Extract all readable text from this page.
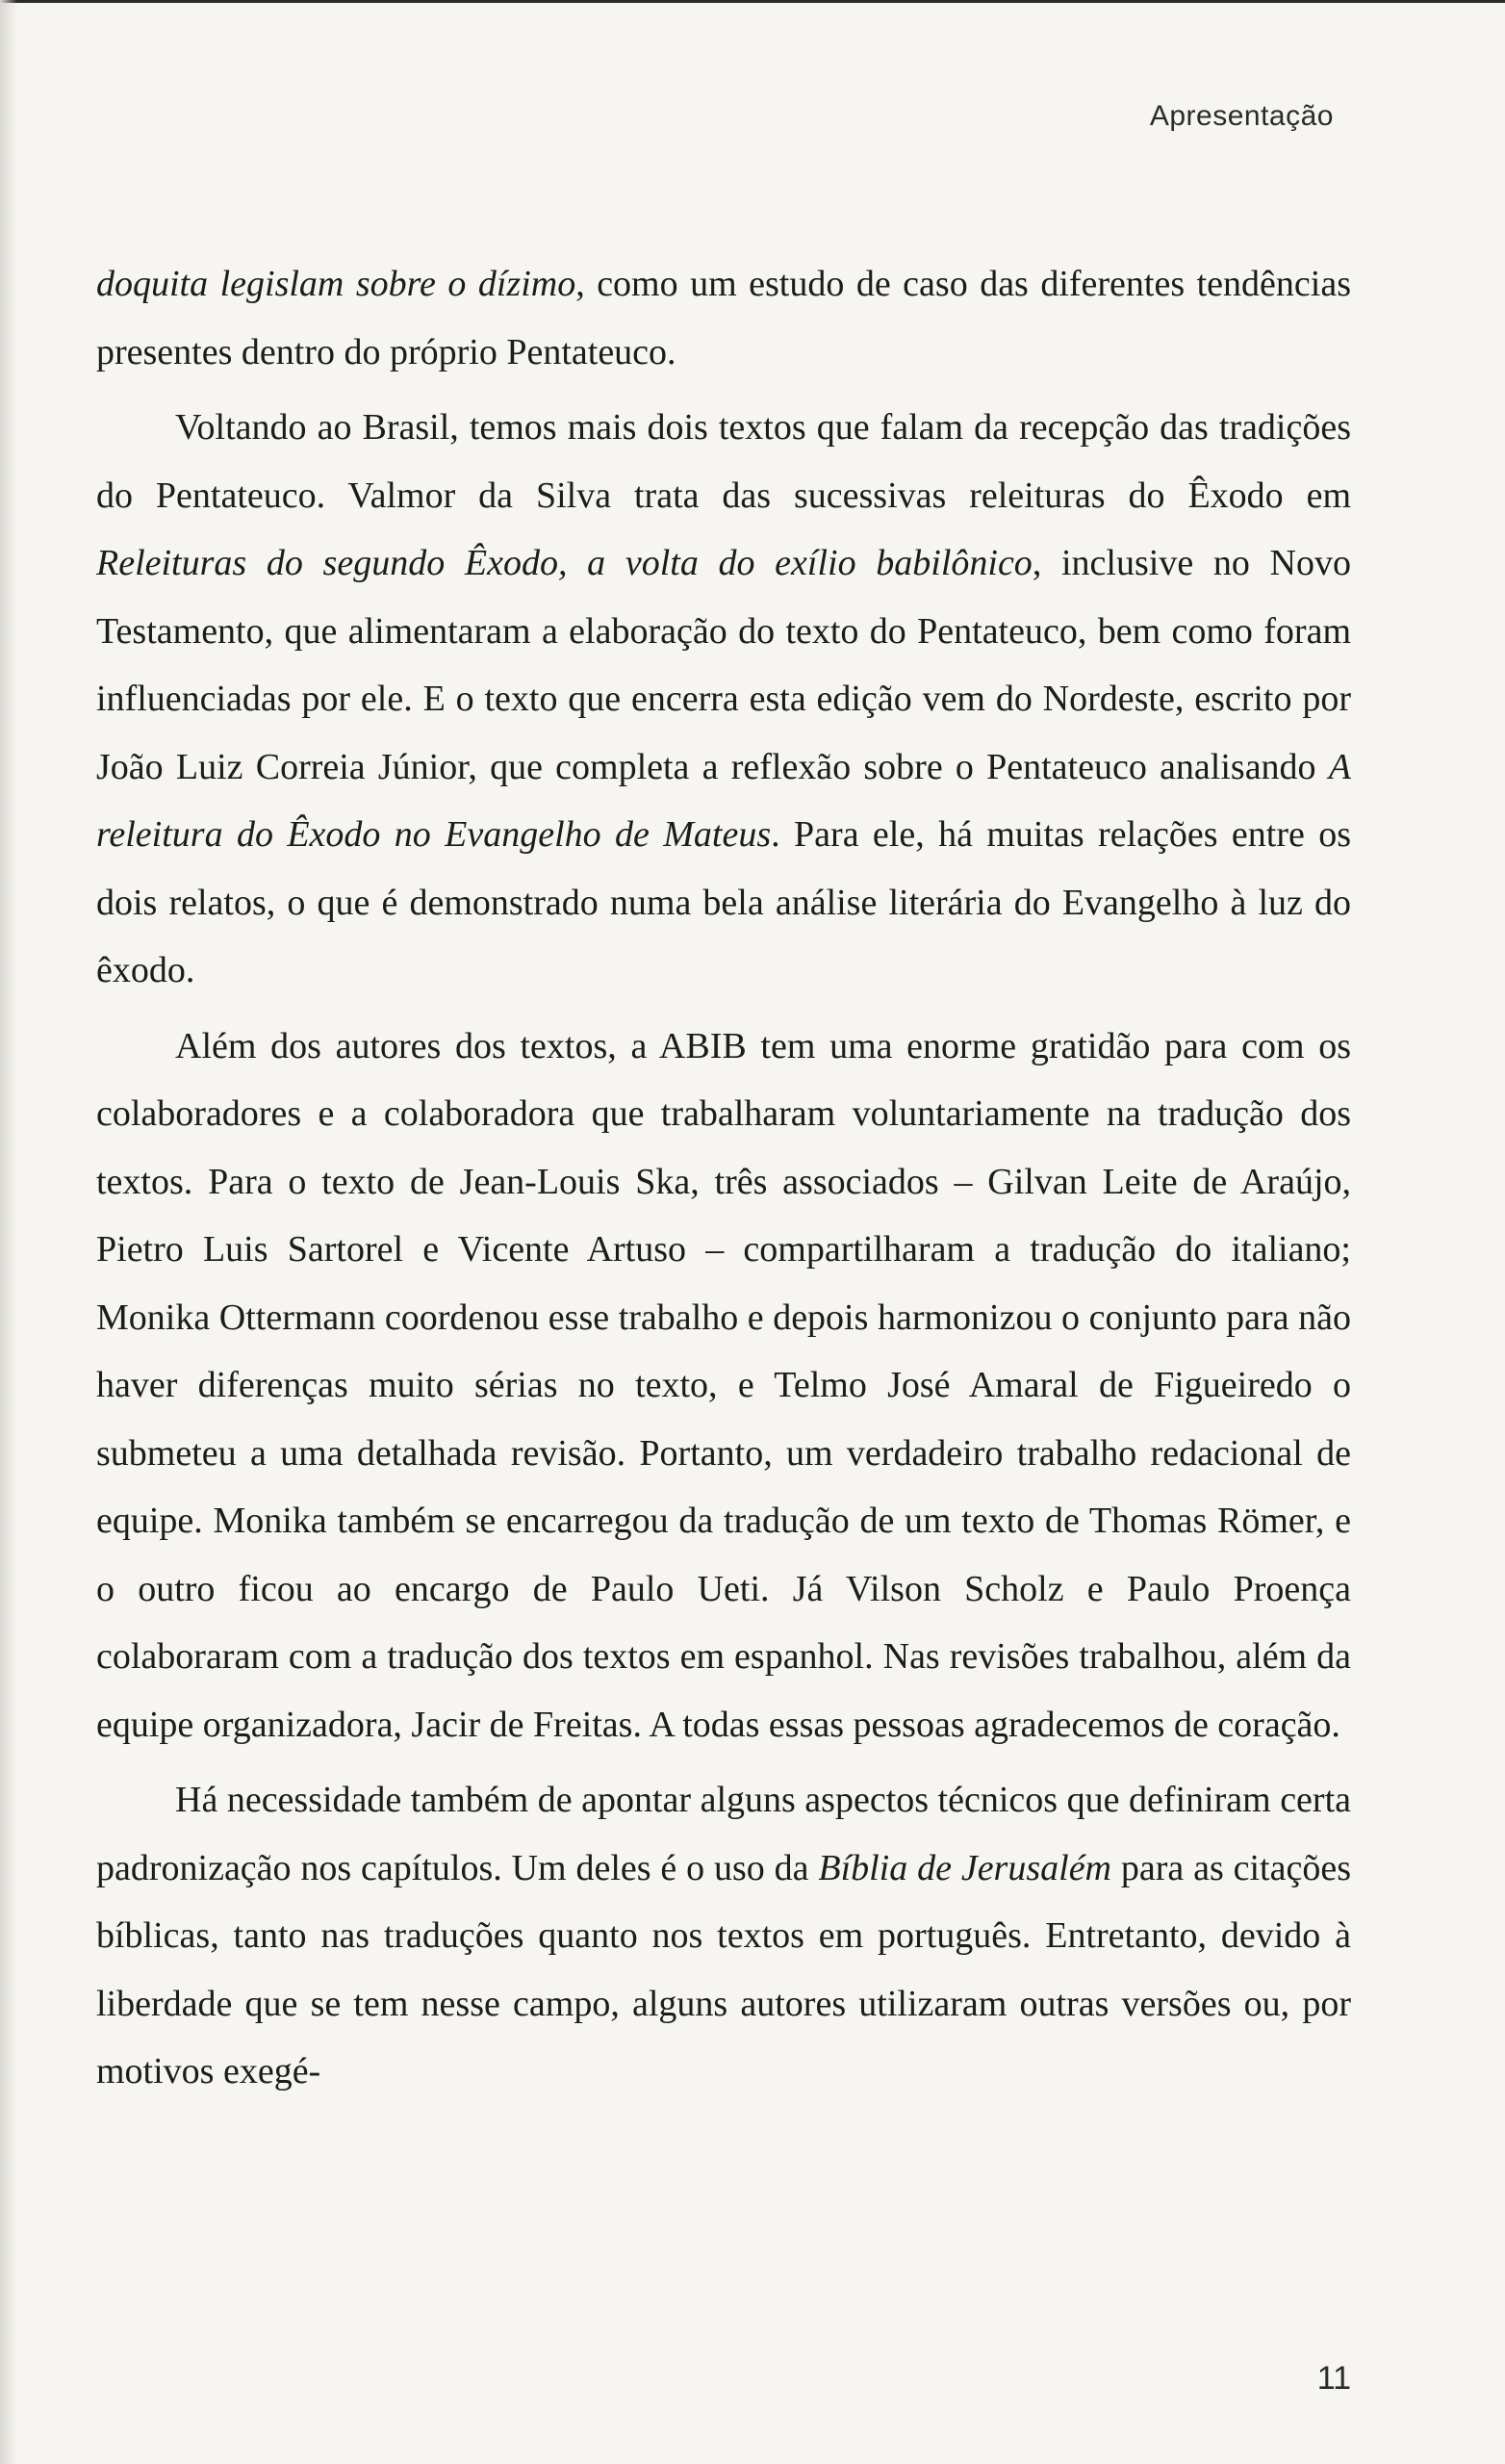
Apresentação

doquita legislam sobre o dízimo, como um estudo de caso das diferentes tendências presentes dentro do próprio Pentateuco.

Voltando ao Brasil, temos mais dois textos que falam da recepção das tradições do Pentateuco. Valmor da Silva trata das sucessivas releituras do Êxodo em Releituras do segundo Êxodo, a volta do exílio babilônico, inclusive no Novo Testamento, que alimentaram a elaboração do texto do Pentateuco, bem como foram influenciadas por ele. E o texto que encerra esta edição vem do Nordeste, escrito por João Luiz Correia Júnior, que completa a reflexão sobre o Pentateuco analisando A releitura do Êxodo no Evangelho de Mateus. Para ele, há muitas relações entre os dois relatos, o que é demonstrado numa bela análise literária do Evangelho à luz do êxodo.

Além dos autores dos textos, a ABIB tem uma enorme gratidão para com os colaboradores e a colaboradora que trabalharam voluntariamente na tradução dos textos. Para o texto de Jean-Louis Ska, três associados – Gilvan Leite de Araújo, Pietro Luis Sartorel e Vicente Artuso – compartilharam a tradução do italiano; Monika Ottermann coordenou esse trabalho e depois harmonizou o conjunto para não haver diferenças muito sérias no texto, e Telmo José Amaral de Figueiredo o submeteu a uma detalhada revisão. Portanto, um verdadeiro trabalho redacional de equipe. Monika também se encarregou da tradução de um texto de Thomas Römer, e o outro ficou ao encargo de Paulo Ueti. Já Vilson Scholz e Paulo Proença colaboraram com a tradução dos textos em espanhol. Nas revisões trabalhou, além da equipe organizadora, Jacir de Freitas. A todas essas pessoas agradecemos de coração.

Há necessidade também de apontar alguns aspectos técnicos que definiram certa padronização nos capítulos. Um deles é o uso da Bíblia de Jerusalém para as citações bíblicas, tanto nas traduções quanto nos textos em português. Entretanto, devido à liberdade que se tem nesse campo, alguns autores utilizaram outras versões ou, por motivos exegé-

11
